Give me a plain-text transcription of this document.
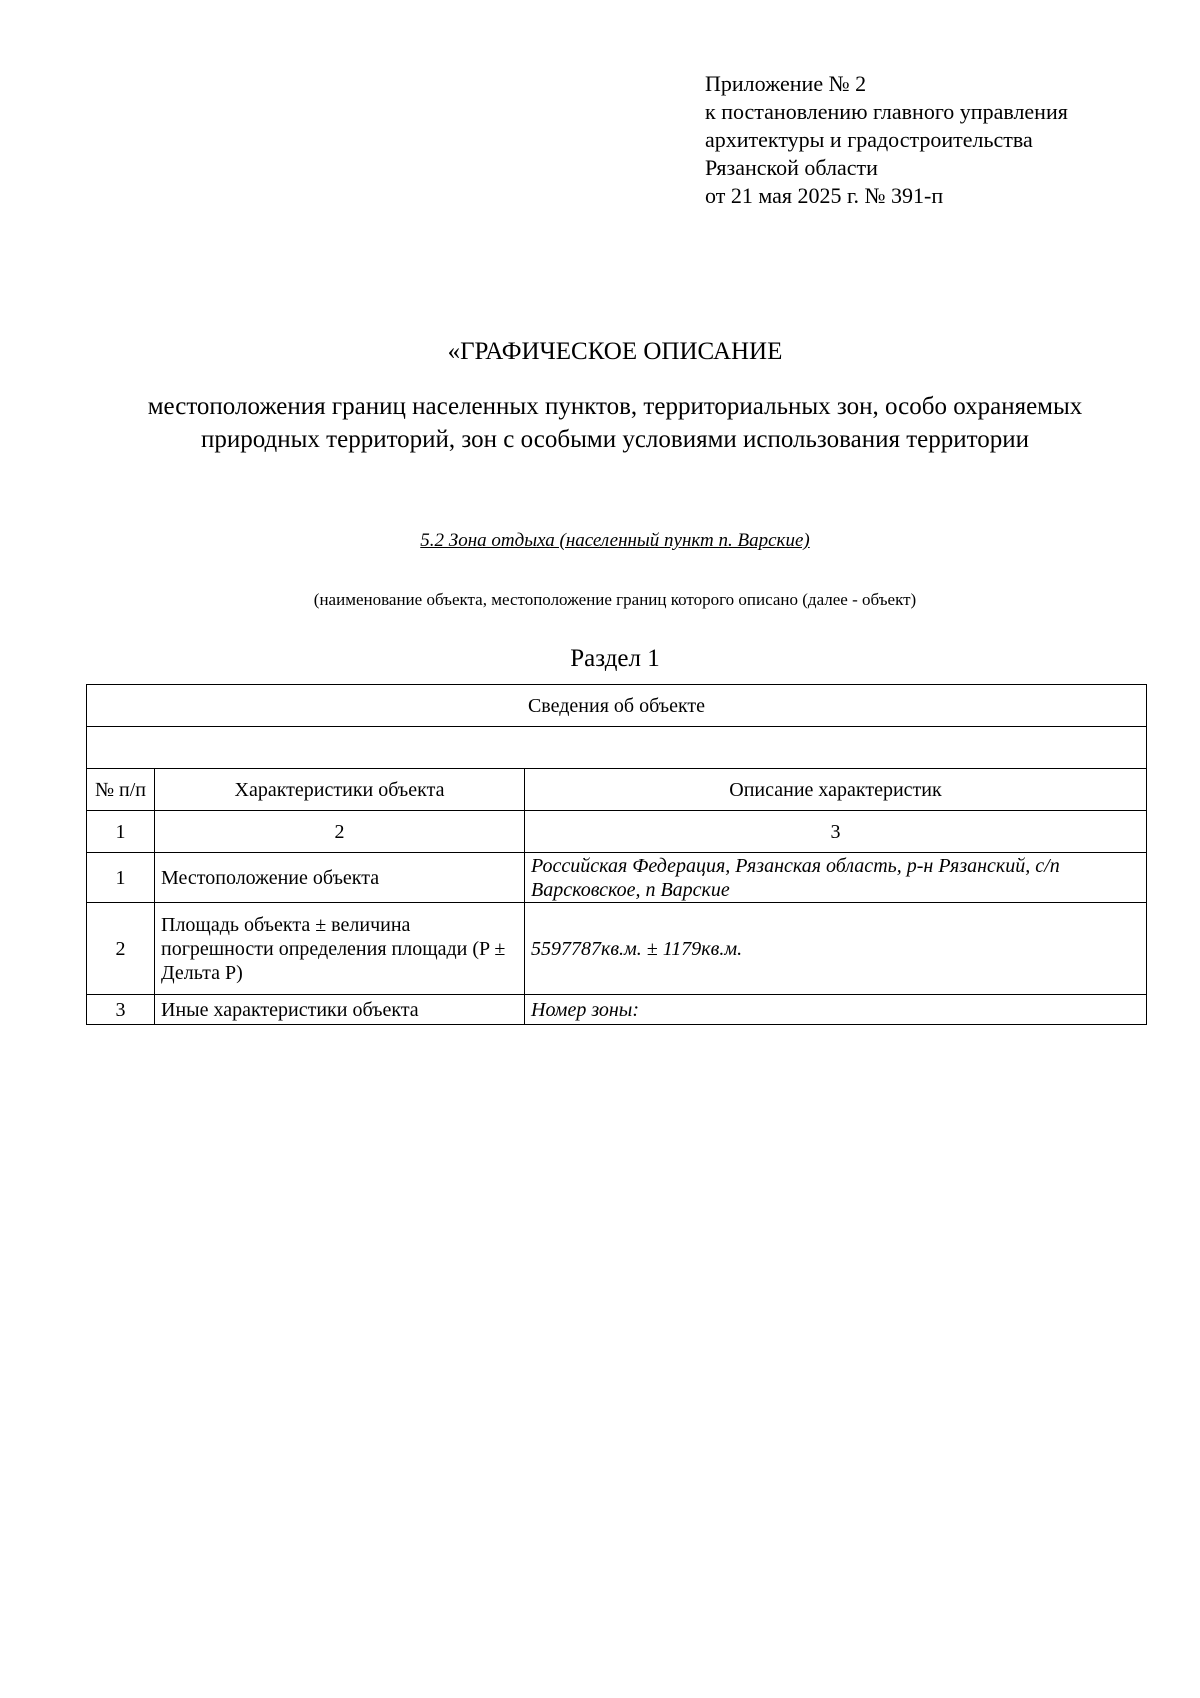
Приложение № 2
к постановлению главного управления
архитектуры и градостроительства
Рязанской области
от 21 мая 2025 г. № 391-п
«ГРАФИЧЕСКОЕ ОПИСАНИЕ
местоположения границ населенных пунктов, территориальных зон, особо охраняемых природных территорий, зон с особыми условиями использования территории
5.2 Зона отдыха (населенный пункт п. Варские)
(наименование объекта, местоположение границ которого описано (далее - объект)
Раздел 1
Сведения об объекте		

№ п/п	Характеристики объекта	Описание характеристик
1	2	3
1	Местоположение объекта	Российская Федерация, Рязанская область, р-н Рязанский, с/п Варсковское, п Варские
2	Площадь объекта ± величина погрешности определения площади (P ± Дельта P)	5597787кв.м. ± 1179кв.м.
3	Иные характеристики объекта	Номер зоны:
